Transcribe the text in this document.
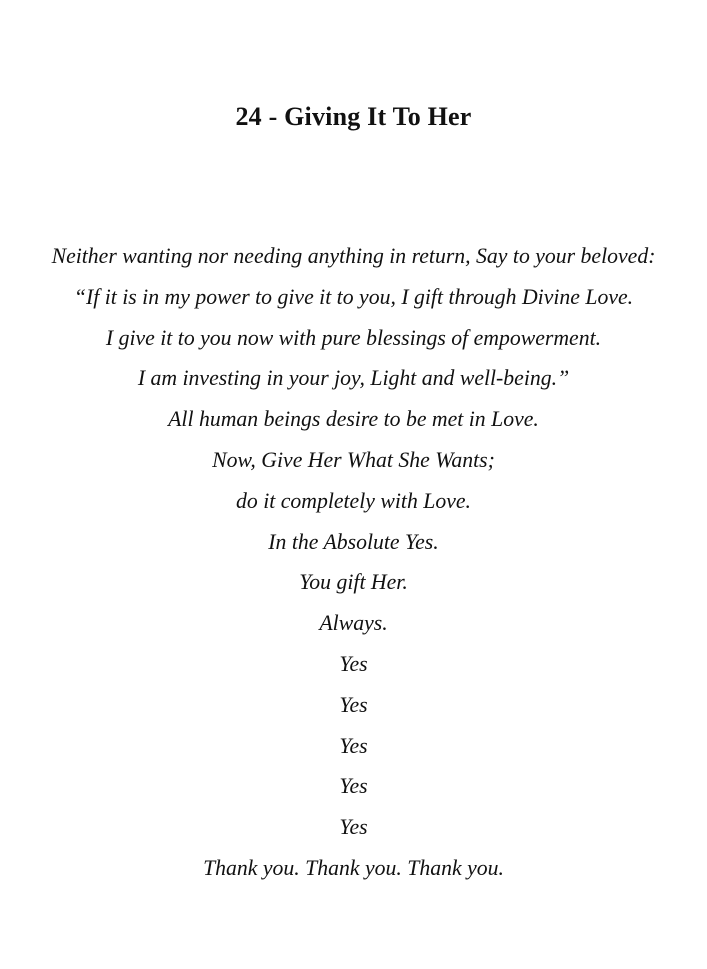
24 - Giving It To Her
Neither wanting nor needing anything in return, Say to your beloved:
“If it is in my power to give it to you, I gift through Divine Love.
I give it to you now with pure blessings of empowerment.
I am investing in your joy, Light and well-being.”
All human beings desire to be met in Love.
Now, Give Her What She Wants;
do it completely with Love.
In the Absolute Yes.
You gift Her.
Always.
Yes
Yes
Yes
Yes
Yes
Thank you. Thank you. Thank you.
